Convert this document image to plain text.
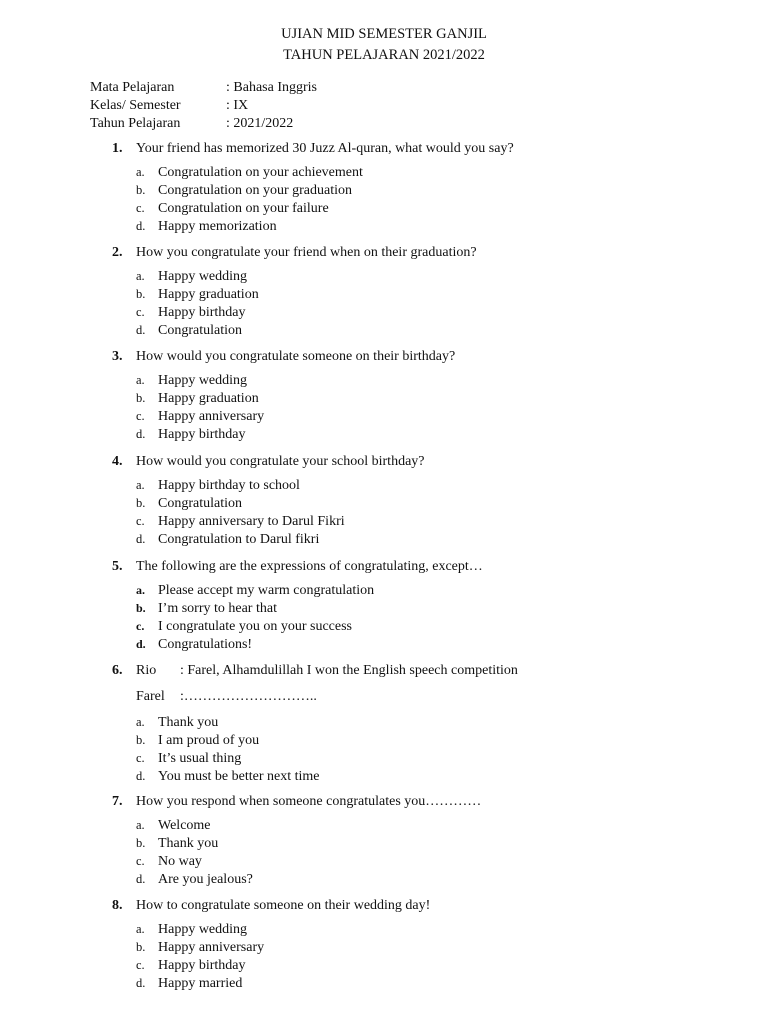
UJIAN MID SEMESTER GANJIL
TAHUN PELAJARAN 2021/2022
Mata Pelajaran	: Bahasa Inggris
Kelas/ Semester	: IX
Tahun Pelajaran	: 2021/2022
1. Your friend has memorized 30 Juzz Al-quran, what would you say?
a. Congratulation on your achievement
b. Congratulation on your graduation
c. Congratulation on your failure
d. Happy memorization
2. How you congratulate your friend when on their graduation?
a. Happy wedding
b. Happy graduation
c. Happy birthday
d. Congratulation
3. How would you congratulate someone on their birthday?
a. Happy wedding
b. Happy graduation
c. Happy anniversary
d. Happy birthday
4. How would you congratulate your school birthday?
a. Happy birthday to school
b. Congratulation
c. Happy anniversary to Darul Fikri
d. Congratulation to Darul fikri
5. The following are the expressions of congratulating, except…
a. Please accept my warm congratulation
b. I’m sorry to hear that
c. I congratulate you on your success
d. Congratulations!
6. Rio : Farel, Alhamdulillah I won the English speech competition
Farel :………………………..
a. Thank you
b. I am proud of you
c. It’s usual thing
d. You must be better next time
7. How you respond when someone congratulates you…………
a. Welcome
b. Thank you
c. No way
d. Are you jealous?
8. How to congratulate someone on their wedding day!
a. Happy wedding
b. Happy anniversary
c. Happy birthday
d. Happy married
